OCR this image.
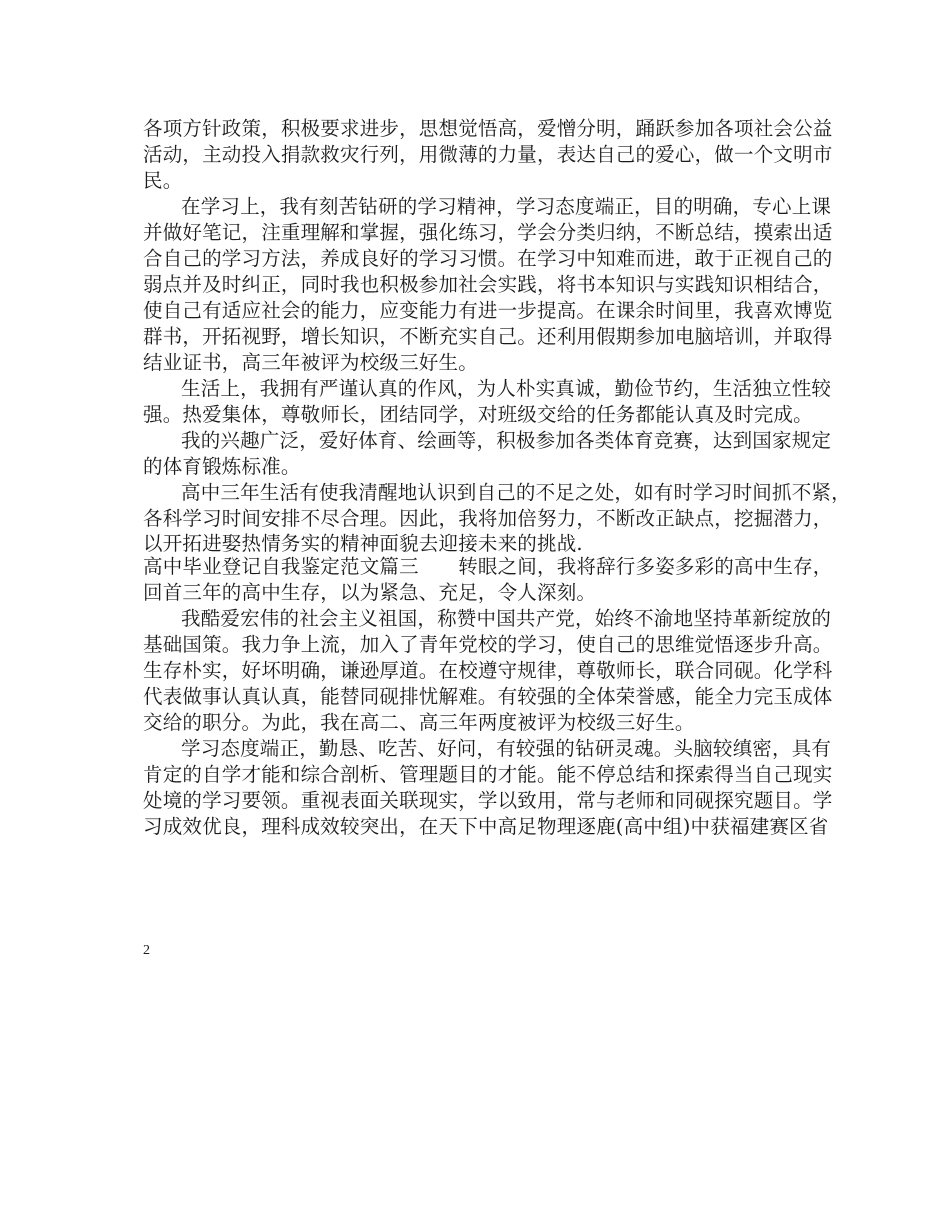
各项方针政策，积极要求进步，思想觉悟高，爱憎分明，踊跃参加各项社会公益
活动，主动投入捐款救灾行列，用微薄的力量，表达自己的爱心，做一个文明市
民。
在学习上，我有刻苦钻研的学习精神，学习态度端正，目的明确，专心上课
并做好笔记，注重理解和掌握，强化练习，学会分类归纳，不断总结，摸索出适
合自己的学习方法，养成良好的学习习惯。在学习中知难而进，敢于正视自己的
弱点并及时纠正，同时我也积极参加社会实践，将书本知识与实践知识相结合，
使自己有适应社会的能力，应变能力有进一步提高。在课余时间里，我喜欢博览
群书，开拓视野，增长知识，不断充实自己。还利用假期参加电脑培训，并取得
结业证书，高三年被评为校级三好生。
生活上，我拥有严谨认真的作风，为人朴实真诚，勤俭节约，生活独立性较
强。热爱集体，尊敬师长，团结同学，对班级交给的任务都能认真及时完成。
我的兴趣广泛，爱好体育、绘画等，积极参加各类体育竞赛，达到国家规定
的体育锻炼标准。
高中三年生活有使我清醒地认识到自己的不足之处，如有时学习时间抓不紧，
各科学习时间安排不尽合理。因此，我将加倍努力，不断改正缺点，挖掘潜力，
以开拓进娶热情务实的精神面貌去迎接未来的挑战.
高中毕业登记自我鉴定范文篇三　　转眼之间，我将辞行多姿多彩的高中生存，
回首三年的高中生存，以为紧急、充足，令人深刻。
我酷爱宏伟的社会主义祖国，称赞中国共产党，始终不渝地坚持革新绽放的
基础国策。我力争上流，加入了青年党校的学习，使自己的思维觉悟逐步升高。
生存朴实，好坏明确，谦逊厚道。在校遵守规律，尊敬师长，联合同砚。化学科
代表做事认真认真，能替同砚排忧解难。有较强的全体荣誉感，能全力完玉成体
交给的职分。为此，我在高二、高三年两度被评为校级三好生。
学习态度端正，勤恳、吃苦、好问，有较强的钻研灵魂。头脑较缜密，具有
肯定的自学才能和综合剖析、管理题目的才能。能不停总结和探索得当自己现实
处境的学习要领。重视表面关联现实，学以致用，常与老师和同砚探究题目。学
习成效优良，理科成效较突出，在天下中高足物理逐鹿(高中组)中获福建赛区省
2
